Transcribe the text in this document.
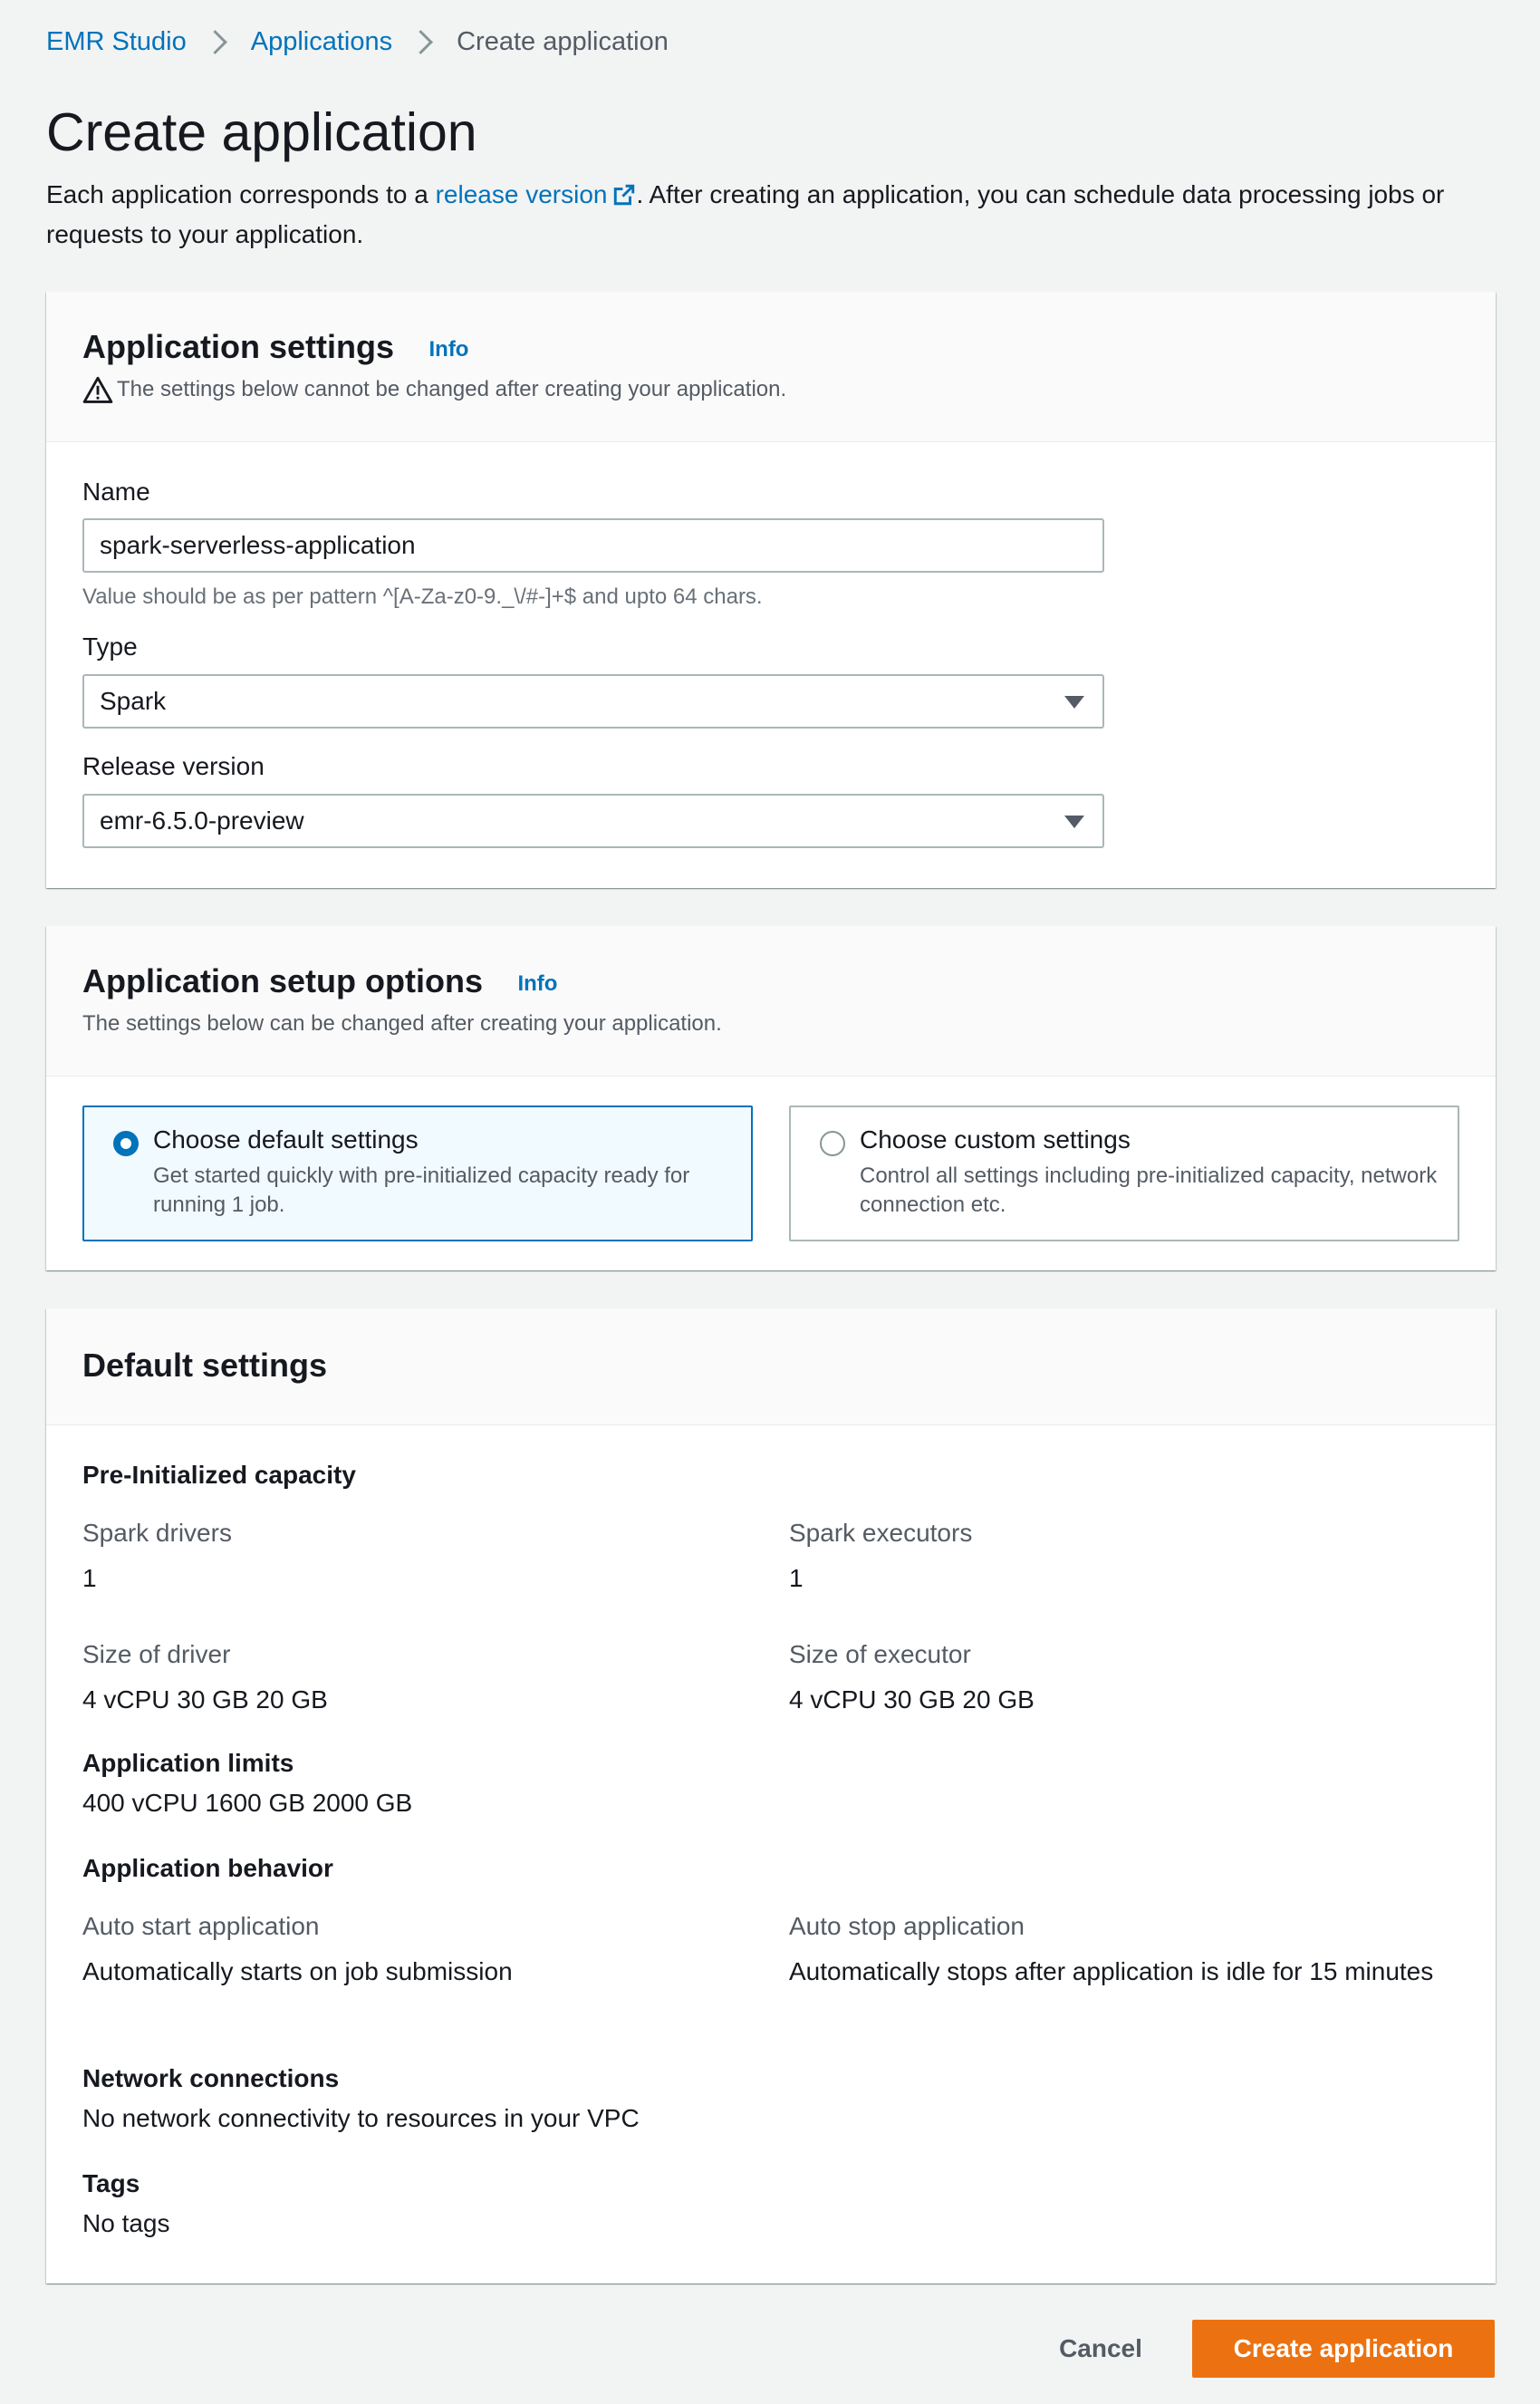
EMR Studio Applications Create application
Create application
Each application corresponds to a release version . After creating an application, you can schedule data processing jobs or requests to your application.
Application settings Info
The settings below cannot be changed after creating your application.
Name
spark-serverless-application
Value should be as per pattern ^[A-Za-z0-9._\/#-]+$ and upto 64 chars.
Type
Spark
Release version
emr-6.5.0-preview
Application setup options Info
The settings below can be changed after creating your application.
Choose default settings
Get started quickly with pre-initialized capacity ready for running 1 job.
Choose custom settings
Control all settings including pre-initialized capacity, network connection etc.
Default settings
Pre-Initialized capacity
Spark drivers
1
Spark executors
1
Size of driver
4 vCPU 30 GB 20 GB
Size of executor
4 vCPU 30 GB 20 GB
Application limits
400 vCPU 1600 GB 2000 GB
Application behavior
Auto start application
Automatically starts on job submission
Auto stop application
Automatically stops after application is idle for 15 minutes
Network connections
No network connectivity to resources in your VPC
Tags
No tags
Cancel	Create application
